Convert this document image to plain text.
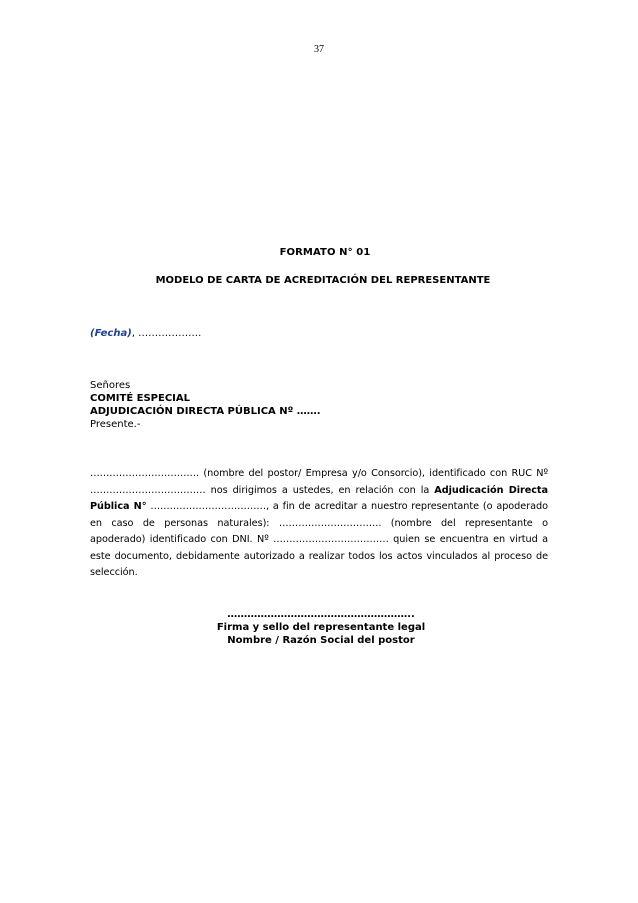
37
FORMATO N° 01
MODELO DE CARTA DE ACREDITACIÓN DEL REPRESENTANTE
(Fecha), ……………….
Señores
COMITÉ ESPECIAL
ADJUDICACIÓN DIRECTA PÚBLICA Nº …….
Presente.-
……………………………. (nombre del postor/ Empresa y/o Consorcio), identificado con RUC Nº ……………………………… nos dirigimos a ustedes, en relación con la Adjudicación Directa Pública N° ………………………………, a fin de acreditar a nuestro representante (o apoderado en caso de personas naturales): ………………………….. (nombre del representante o apoderado) identificado con DNI. Nº ……………………………… quien se encuentra en virtud a este documento, debidamente autorizado a realizar todos los actos vinculados al proceso de selección.
………………………………………………..
Firma y sello del representante legal
Nombre / Razón Social del postor
